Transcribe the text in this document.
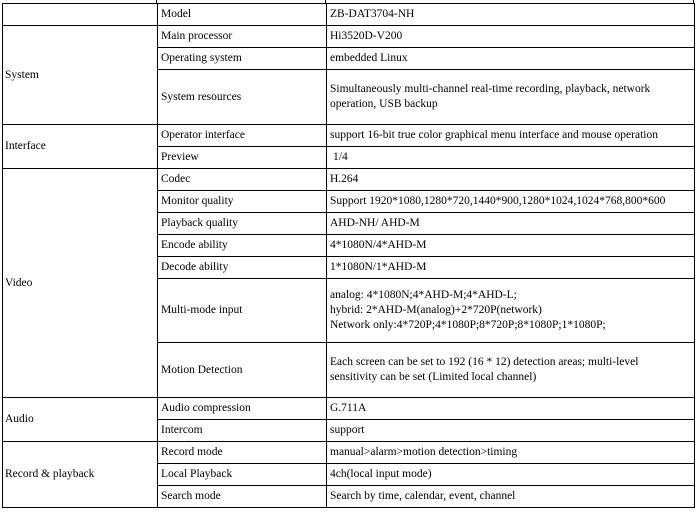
	Model	ZB-DAT3704-NH
System	Main processor	Hi3520D-V200
	Operating system	embedded Linux
	System resources	Simultaneously multi-channel real-time recording, playback, network
operation, USB backup

Interface	Operator interface	support 16-bit true color graphical menu interface and mouse operation
	Preview	1/4
Video	Codec	H.264
	Monitor quality	Support 1920*1080,1280*720,1440*900,1280*1024,1024*768,800*600
	Playback quality	AHD-NH/ AHD-M
	Encode ability	4*1080N/4*AHD-M
	Decode ability	1*1080N/1*AHD-M
	Multi-mode input	analog: 4*1080N;4*AHD-M;4*AHD-L;
hybrid: 2*AHD-M(analog)+2*720P(network)
Network only:4*720P;4*1080P;8*720P;8*1080P;1*1080P;

	Motion Detection	Each screen can be set to 192 (16 * 12) detection areas; multi-level
sensitivity can be set (Limited local channel)

Audio	Audio compression	G.711A
	Intercom	support
Record & playback	Record mode	manual>alarm>motion detection>timing
	Local Playback	4ch(local input mode)
	Search mode	Search by time, calendar, event, channel
